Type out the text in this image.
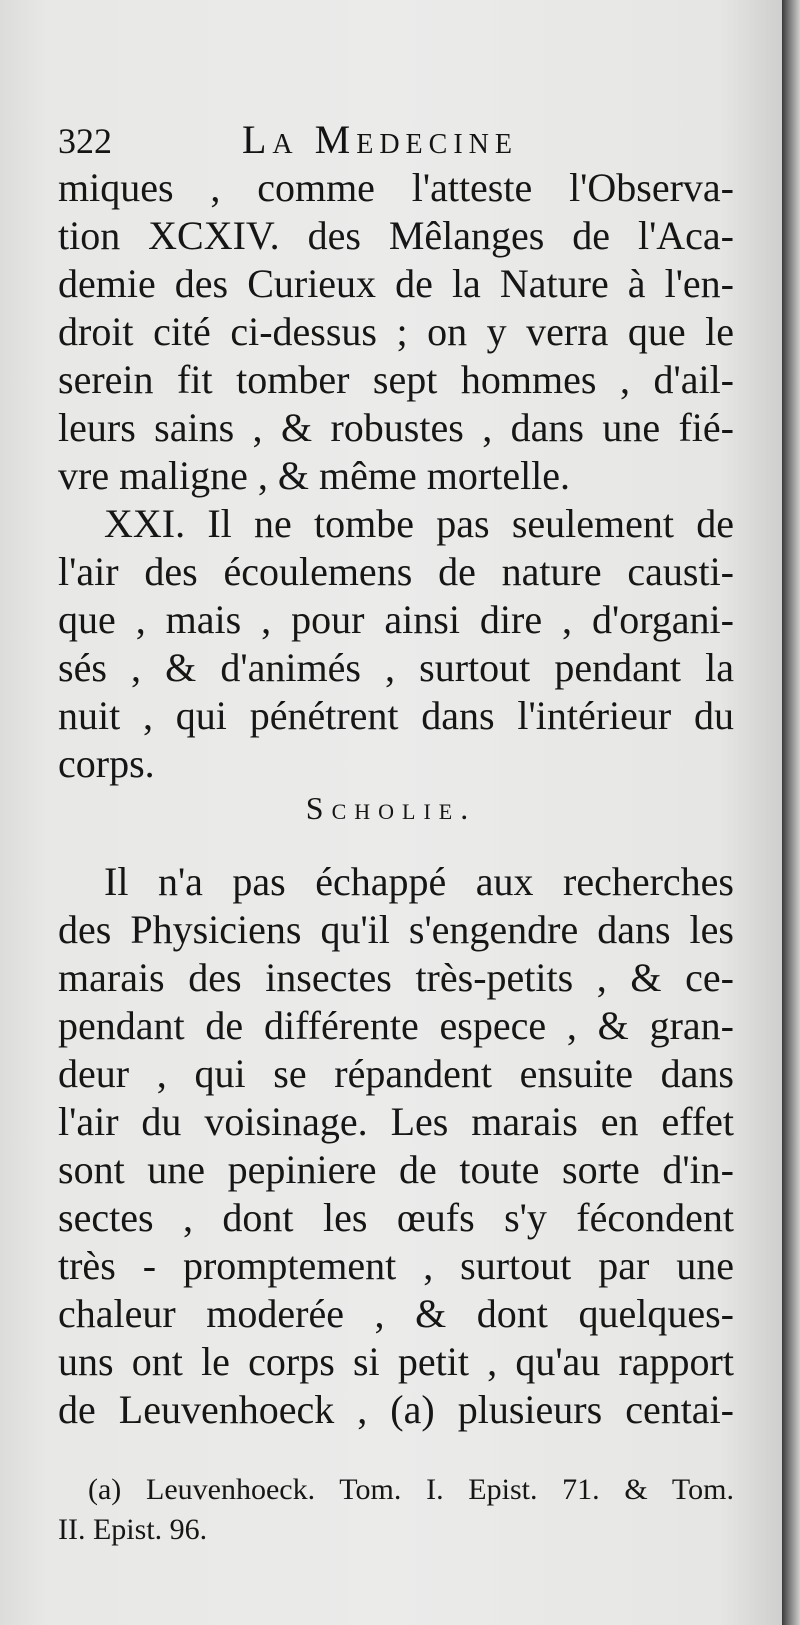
322	La Medecine
miques , comme l'atteste l'Observa-
tion XCXIV. des Mêlanges de l'Aca-
demie des Curieux de la Nature à l'en-
droit cité ci-dessus ; on y verra que le
serein fit tomber sept hommes , d'ail-
leurs sains , & robustes , dans une fié-
vre maligne , & même mortelle.
XXI. Il ne tombe pas seulement de
l'air des écoulemens de nature causti-
que , mais , pour ainsi dire , d'organi-
sés , & d'animés , surtout pendant la
nuit , qui pénétrent dans l'intérieur du
corps.
Scholie.
Il n'a pas échappé aux recherches
des Physiciens qu'il s'engendre dans les
marais des insectes très-petits , & ce-
pendant de différente espece , & gran-
deur , qui se répandent ensuite dans
l'air du voisinage. Les marais en effet
sont une pepiniere de toute sorte d'in-
sectes , dont les œufs s'y fécondent
très - promptement , surtout par une
chaleur moderée , & dont quelques-
uns ont le corps si petit , qu'au rapport
de Leuvenhoeck , (a) plusieurs centai-
(a) Leuvenhoeck. Tom. I. Epist. 71. & Tom.
II. Epist. 96.
